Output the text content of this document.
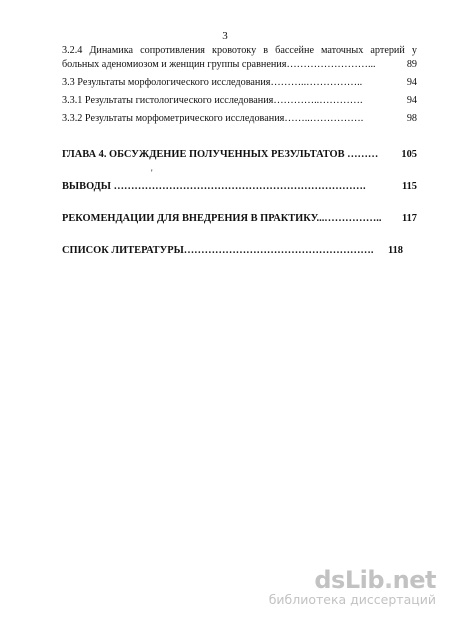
3
3.2.4 Динамика сопротивления кровотоку в бассейне маточных артерий у
больных аденомиозом и женщин группы сравнения……………………...	89
3.3 Результаты морфологического исследования………..……………..	94
3.3.1 Результаты гистологического исследования…………..………….	94
3.3.2 Результаты морфометрического исследования……..…………….	98
ГЛАВА 4. ОБСУЖДЕНИЕ ПОЛУЧЕННЫХ РЕЗУЛЬТАТОВ ……… 105
ВЫВОДЫ ……………………………………………………………….	115
РЕКОМЕНДАЦИИ ДЛЯ ВНЕДРЕНИЯ В ПРАКТИКУ...…………….. 117
СПИСОК ЛИТЕРАТУРЫ………………………………………………. 118
'
dsLib.net
библиотека диссертаций
